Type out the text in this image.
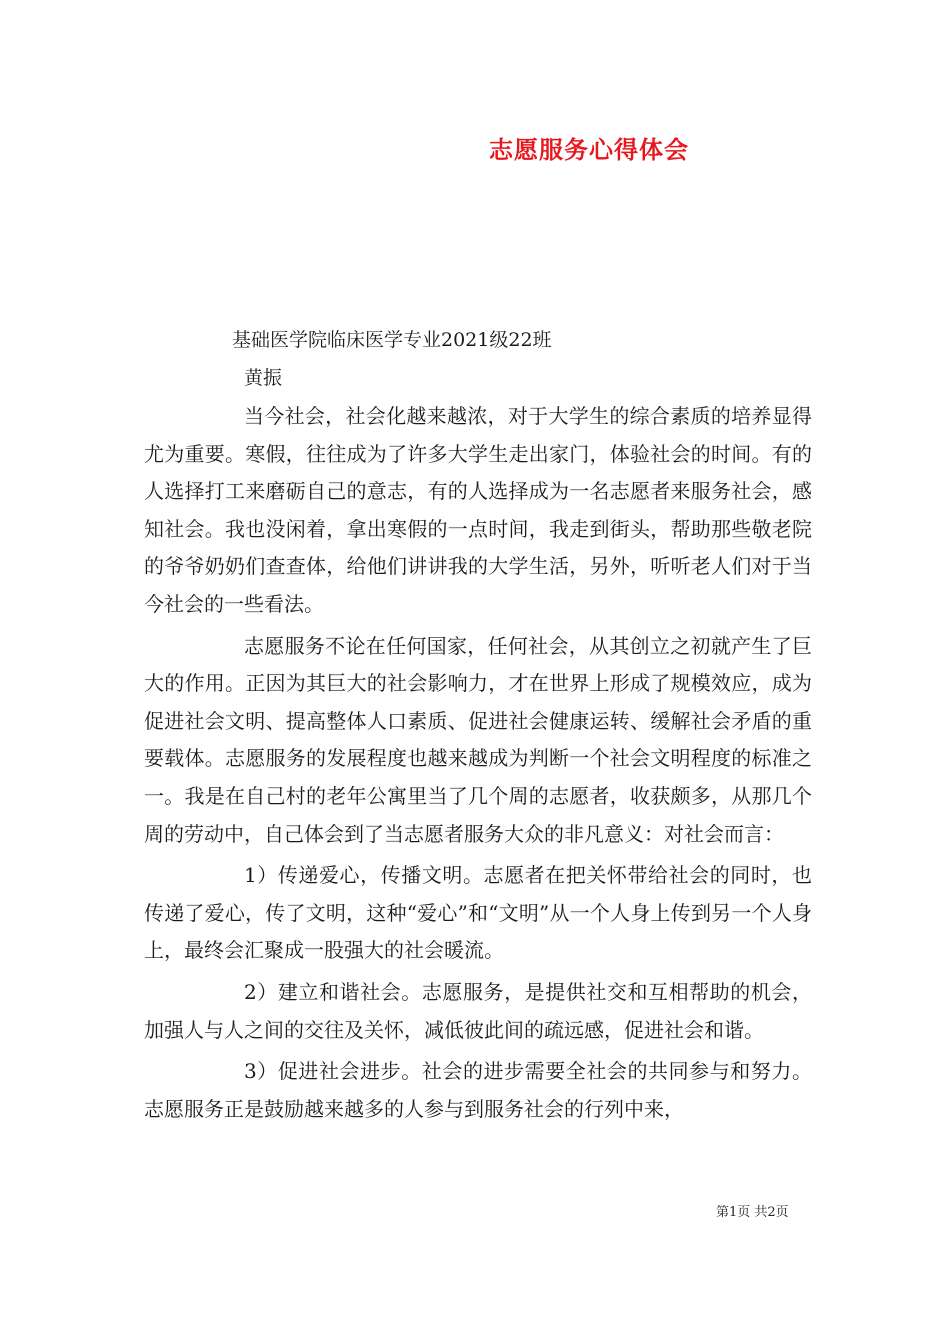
志愿服务心得体会
基础医学院临床医学专业2021级22班
黄振

当今社会，社会化越来越浓，对于大学生的综合素质的培养显得尤为重要。寒假，往往成为了许多大学生走出家门，体验社会的时间。有的人选择打工来磨砺自己的意志，有的人选择成为一名志愿者来服务社会，感知社会。我也没闲着，拿出寒假的一点时间，我走到街头，帮助那些敬老院的爷爷奶奶们查查体，给他们讲讲我的大学生活，另外，听听老人们对于当今社会的一些看法。

志愿服务不论在任何国家，任何社会，从其创立之初就产生了巨大的作用。正因为其巨大的社会影响力，才在世界上形成了规模效应，成为促进社会文明、提高整体人口素质、促进社会健康运转、缓解社会矛盾的重要载体。志愿服务的发展程度也越来越成为判断一个社会文明程度的标准之一。我是在自己村的老年公寓里当了几个周的志愿者，收获颇多，从那几个周的劳动中，自己体会到了当志愿者服务大众的非凡意义：对社会而言：

1）传递爱心，传播文明。志愿者在把关怀带给社会的同时，也传递了爱心，传了文明，这种“爱心”和“文明”从一个人身上传到另一个人身上，最终会汇聚成一股强大的社会暖流。

2）建立和谐社会。志愿服务，是提供社交和互相帮助的机会，加强人与人之间的交往及关怀，减低彼此间的疏远感，促进社会和谐。

3）促进社会进步。社会的进步需要全社会的共同参与和努力。志愿服务正是鼓励越来越多的人参与到服务社会的行列中来，

第1页 共2页
